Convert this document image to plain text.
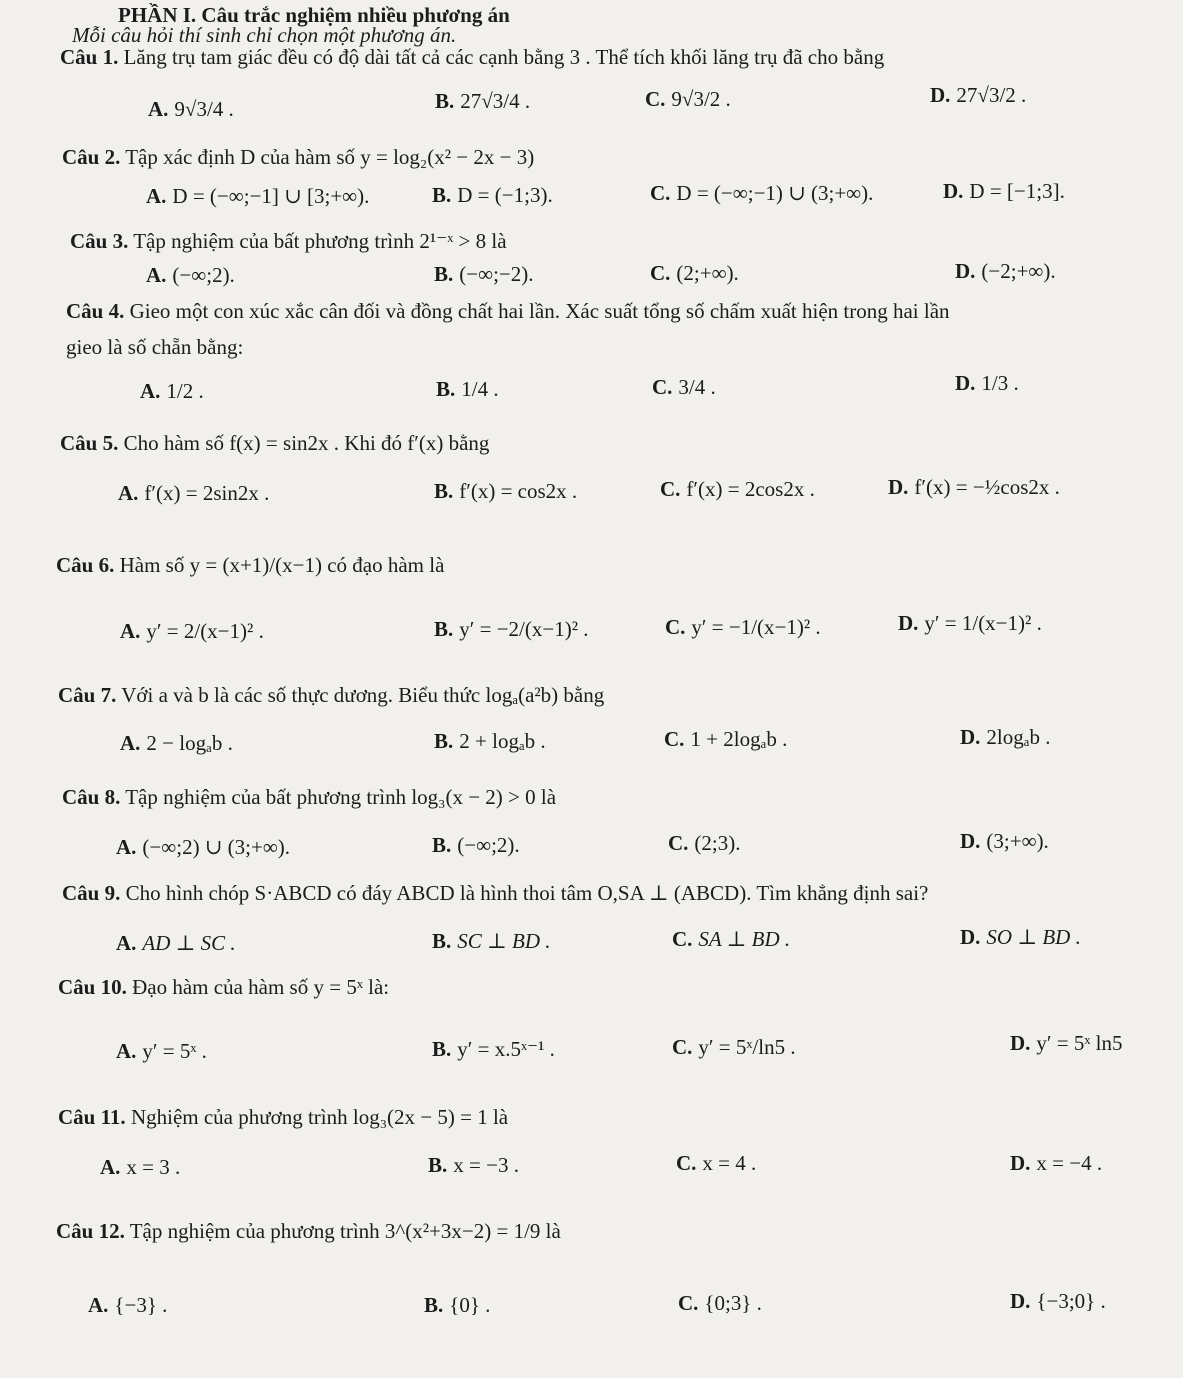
PHẦN I. Câu trắc nghiệm nhiều phương án
Mỗi câu hỏi thí sinh chỉ chọn một phương án.
Câu 1. Lăng trụ tam giác đều có độ dài tất cả các cạnh bằng 3 . Thể tích khối lăng trụ đã cho bằng
A. 9√3/4 .	B. 27√3/4 .	C. 9√3/2 .	D. 27√3/2 .
Câu 2. Tập xác định D của hàm số y = log₂(x² − 2x − 3)
A. D = (−∞;−1] ∪ [3;+∞).	B. D = (−1;3).	C. D = (−∞;−1) ∪ (3;+∞).	D. D = [−1;3].
Câu 3. Tập nghiệm của bất phương trình 2¹⁻ˣ > 8 là
A. (−∞;2).	B. (−∞;−2).	C. (2;+∞).	D. (−2;+∞).
Câu 4. Gieo một con xúc xắc cân đối và đồng chất hai lần. Xác suất tổng số chấm xuất hiện trong hai lần
gieo là số chẵn bằng:
A. 1/2 .	B. 1/4 .	C. 3/4 .	D. 1/3 .
Câu 5. Cho hàm số f(x) = sin2x . Khi đó f′(x) bằng
A. f′(x) = 2sin2x .	B. f′(x) = cos2x .	C. f′(x) = 2cos2x .	D. f′(x) = −½cos2x .
Câu 6. Hàm số y = (x+1)/(x−1) có đạo hàm là
A. y′ = 2/(x−1)² .	B. y′ = −2/(x−1)² .	C. y′ = −1/(x−1)² .	D. y′ = 1/(x−1)² .
Câu 7. Với a và b là các số thực dương. Biểu thức logₐ(a²b) bằng
A. 2 − logₐb .	B. 2 + logₐb .	C. 1 + 2logₐb .	D. 2logₐb .
Câu 8. Tập nghiệm của bất phương trình log₃(x − 2) > 0 là
A. (−∞;2) ∪ (3;+∞).	B. (−∞;2).	C. (2;3).	D. (3;+∞).
Câu 9. Cho hình chóp S·ABCD có đáy ABCD là hình thoi tâm O,SA ⊥ (ABCD). Tìm khẳng định sai?
A. AD ⊥ SC .	B. SC ⊥ BD .	C. SA ⊥ BD .	D. SO ⊥ BD .
Câu 10. Đạo hàm của hàm số y = 5ˣ là:
A. y′ = 5ˣ .	B. y′ = x.5ˣ⁻¹ .	C. y′ = 5ˣ/ln5 .	D. y′ = 5ˣ ln5
Câu 11. Nghiệm của phương trình log₃(2x − 5) = 1 là
A. x = 3 .	B. x = −3 .	C. x = 4 .	D. x = −4 .
Câu 12. Tập nghiệm của phương trình 3^(x²+3x−2) = 1/9 là
A. {−3} .	B. {0} .	C. {0;3} .	D. {−3;0} .
